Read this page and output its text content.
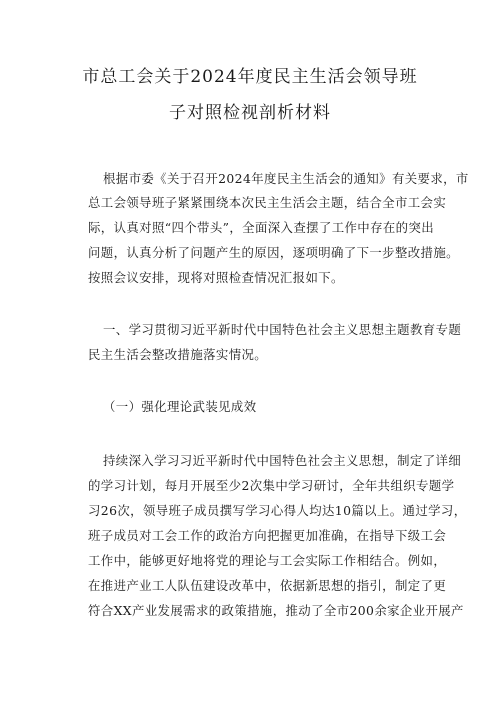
市总工会关于2024年度民主生活会领导班
子对照检视剖析材料
根据市委《关于召开2024年度民主生活会的通知》有关要求，市
总工会领导班子紧紧围绕本次民主生活会主题，结合全市工会实
际，认真对照“四个带头”，全面深入查摆了工作中存在的突出
问题，认真分析了问题产生的原因，逐项明确了下一步整改措施。
按照会议安排，现将对照检查情况汇报如下。
一、学习贯彻习近平新时代中国特色社会主义思想主题教育专题
民主生活会整改措施落实情况。
（一）强化理论武装见成效
持续深入学习习近平新时代中国特色社会主义思想，制定了详细
的学习计划，每月开展至少2次集中学习研讨，全年共组织专题学
习26次，领导班子成员撰写学习心得人均达10篇以上。通过学习，
班子成员对工会工作的政治方向把握更加准确，在指导下级工会
工作中，能够更好地将党的理论与工会实际工作相结合。例如，
在推进产业工人队伍建设改革中，依据新思想的指引，制定了更
符合XX产业发展需求的政策措施，推动了全市200余家企业开展产
